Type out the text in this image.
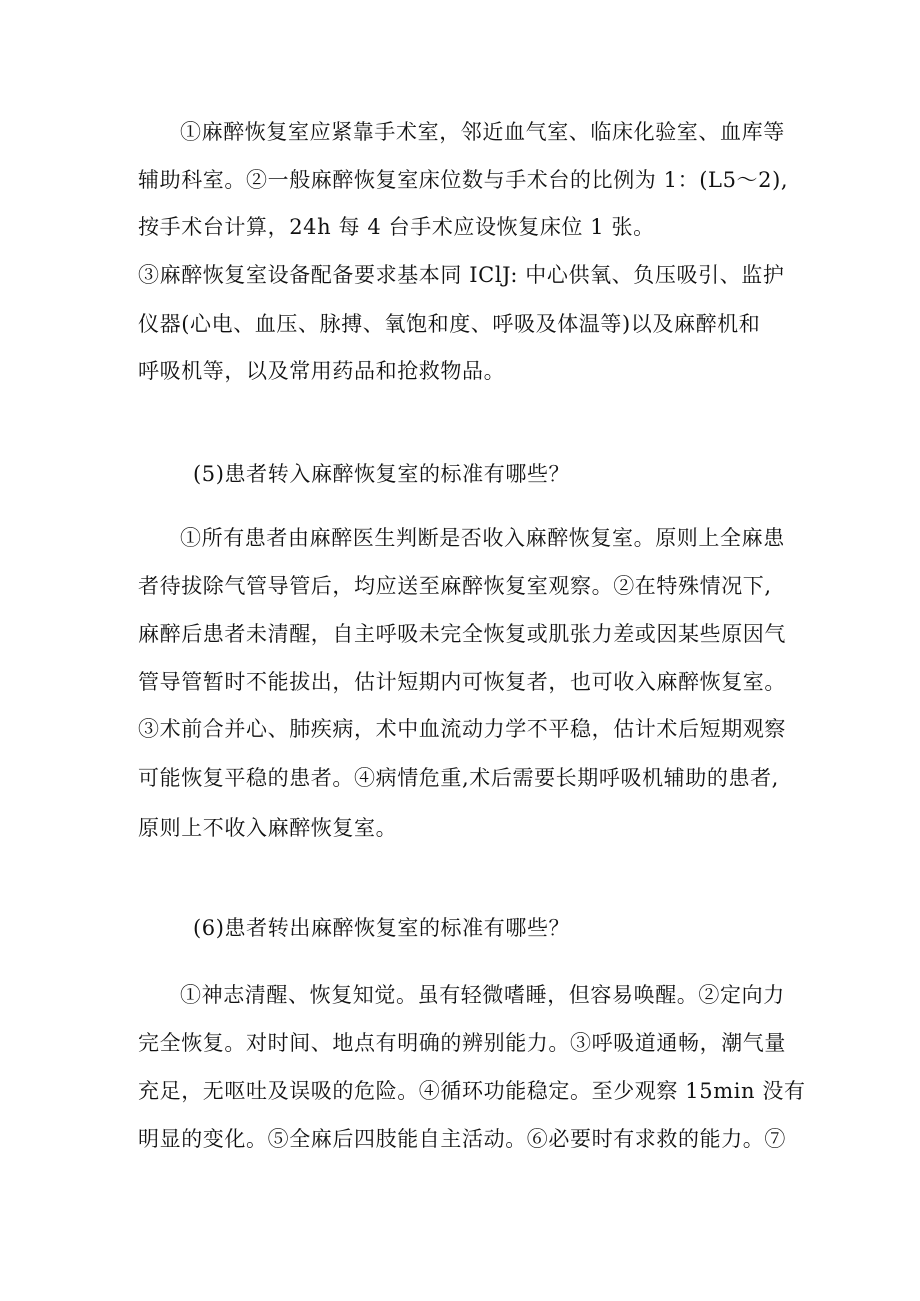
①麻醉恢复室应紧靠手术室，邻近血气室、临床化验室、血库等
辅助科室。②一般麻醉恢复室床位数与手术台的比例为 1：(L5～2),
按手术台计算，24h 每 4 台手术应设恢复床位 1 张。
③麻醉恢复室设备配备要求基本同 IClJ: 中心供氧、负压吸引、监护
仪器(心电、血压、脉搏、氧饱和度、呼吸及体温等)以及麻醉机和
呼吸机等，以及常用药品和抢救物品。
(5)患者转入麻醉恢复室的标准有哪些？
①所有患者由麻醉医生判断是否收入麻醉恢复室。原则上全麻患
者待拔除气管导管后，均应送至麻醉恢复室观察。②在特殊情况下,
麻醉后患者未清醒，自主呼吸未完全恢复或肌张力差或因某些原因气
管导管暂时不能拔出，估计短期内可恢复者，也可收入麻醉恢复室。
③术前合并心、肺疾病，术中血流动力学不平稳，估计术后短期观察
可能恢复平稳的患者。④病情危重,术后需要长期呼吸机辅助的患者,
原则上不收入麻醉恢复室。
(6)患者转出麻醉恢复室的标准有哪些？
①神志清醒、恢复知觉。虽有轻微嗜睡，但容易唤醒。②定向力
完全恢复。对时间、地点有明确的辨别能力。③呼吸道通畅，潮气量
充足，无呕吐及误吸的危险。④循环功能稳定。至少观察 15min 没有
明显的变化。⑤全麻后四肢能自主活动。⑥必要时有求救的能力。⑦
